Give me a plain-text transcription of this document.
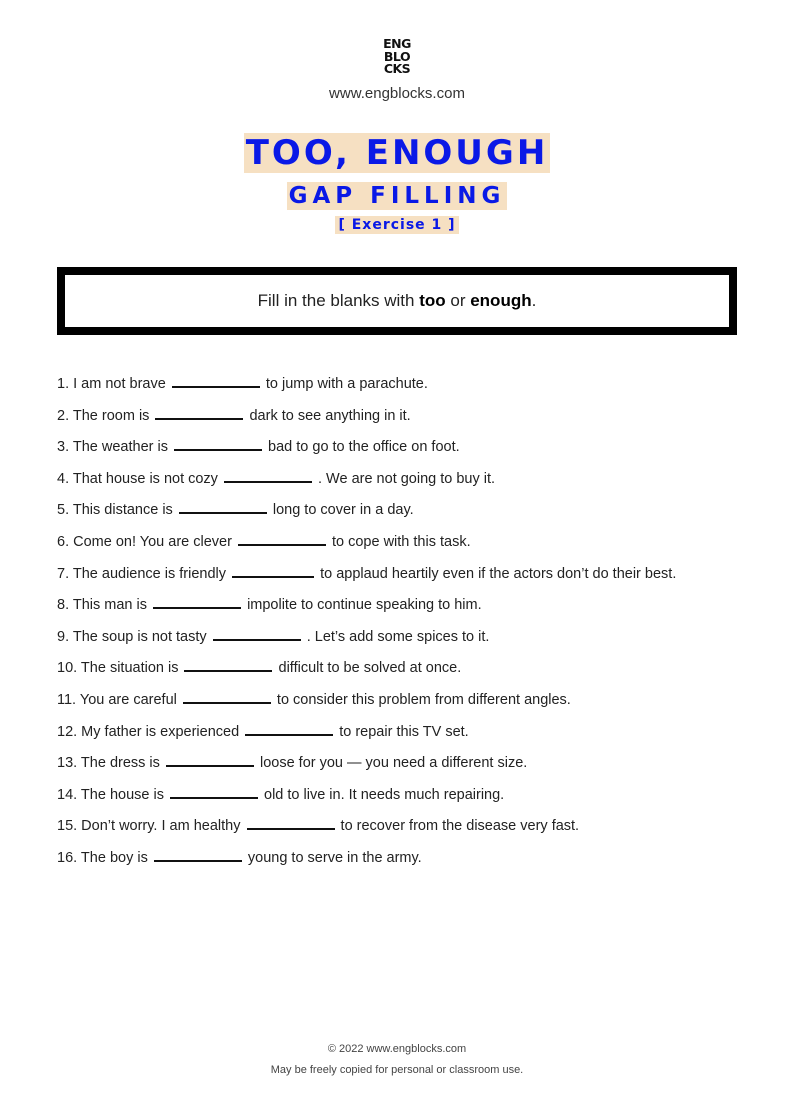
ENG
BLO
CKS
www.engblocks.com
TOO, ENOUGH
GAP FILLING
[ Exercise 1 ]
Fill in the blanks with too or enough.
1. I am not brave	to jump with a parachute.
2. The room is	dark to see anything in it.
3. The weather is	bad to go to the office on foot.
4. That house is not cozy	. We are not going to buy it.
5. This distance is	long to cover in a day.
6. Come on! You are clever	to cope with this task.
7. The audience is friendly	to applaud heartily even if the actors don’t do their best.
8. This man is	impolite to continue speaking to him.
9. The soup is not tasty	. Let’s add some spices to it.
10. The situation is	difficult to be solved at once.
11. You are careful	to consider this problem from different angles.
12. My father is experienced	to repair this TV set.
13. The dress is	loose for you — you need a different size.
14. The house is	old to live in. It needs much repairing.
15. Don’t worry. I am healthy	to recover from the disease very fast.
16. The boy is	young to serve in the army.
© 2022 www.engblocks.com
May be freely copied for personal or classroom use.
